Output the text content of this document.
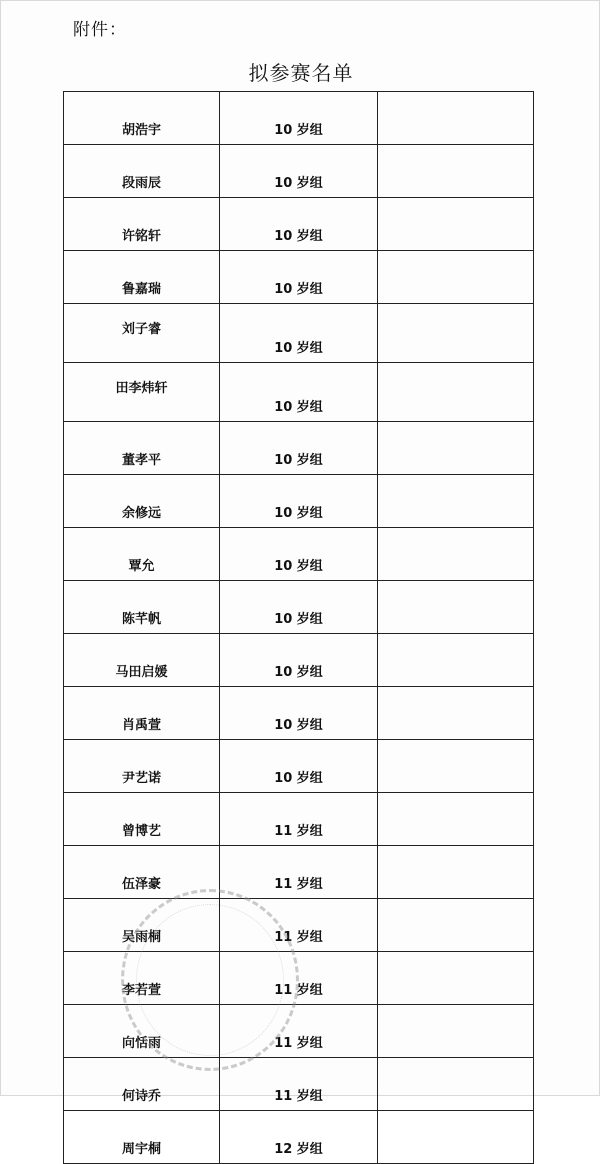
附件：
拟参赛名单
胡浩宇	10 岁组	
段雨辰	10 岁组	
许铭轩	10 岁组	
鲁嘉瑞	10 岁组	
刘子睿	10 岁组	
田李炜轩	10 岁组	
董孝平	10 岁组	
余修远	10 岁组	
覃允	10 岁组	
陈芊帆	10 岁组	
马田启媛	10 岁组	
肖禹萱	10 岁组	
尹艺诺	10 岁组	
曾博艺	11 岁组	
伍泽豪	11 岁组	
吴雨桐	11 岁组	
李若萱	11 岁组	
向恬雨	11 岁组	
何诗乔	11 岁组	
周宇桐	12 岁组	
